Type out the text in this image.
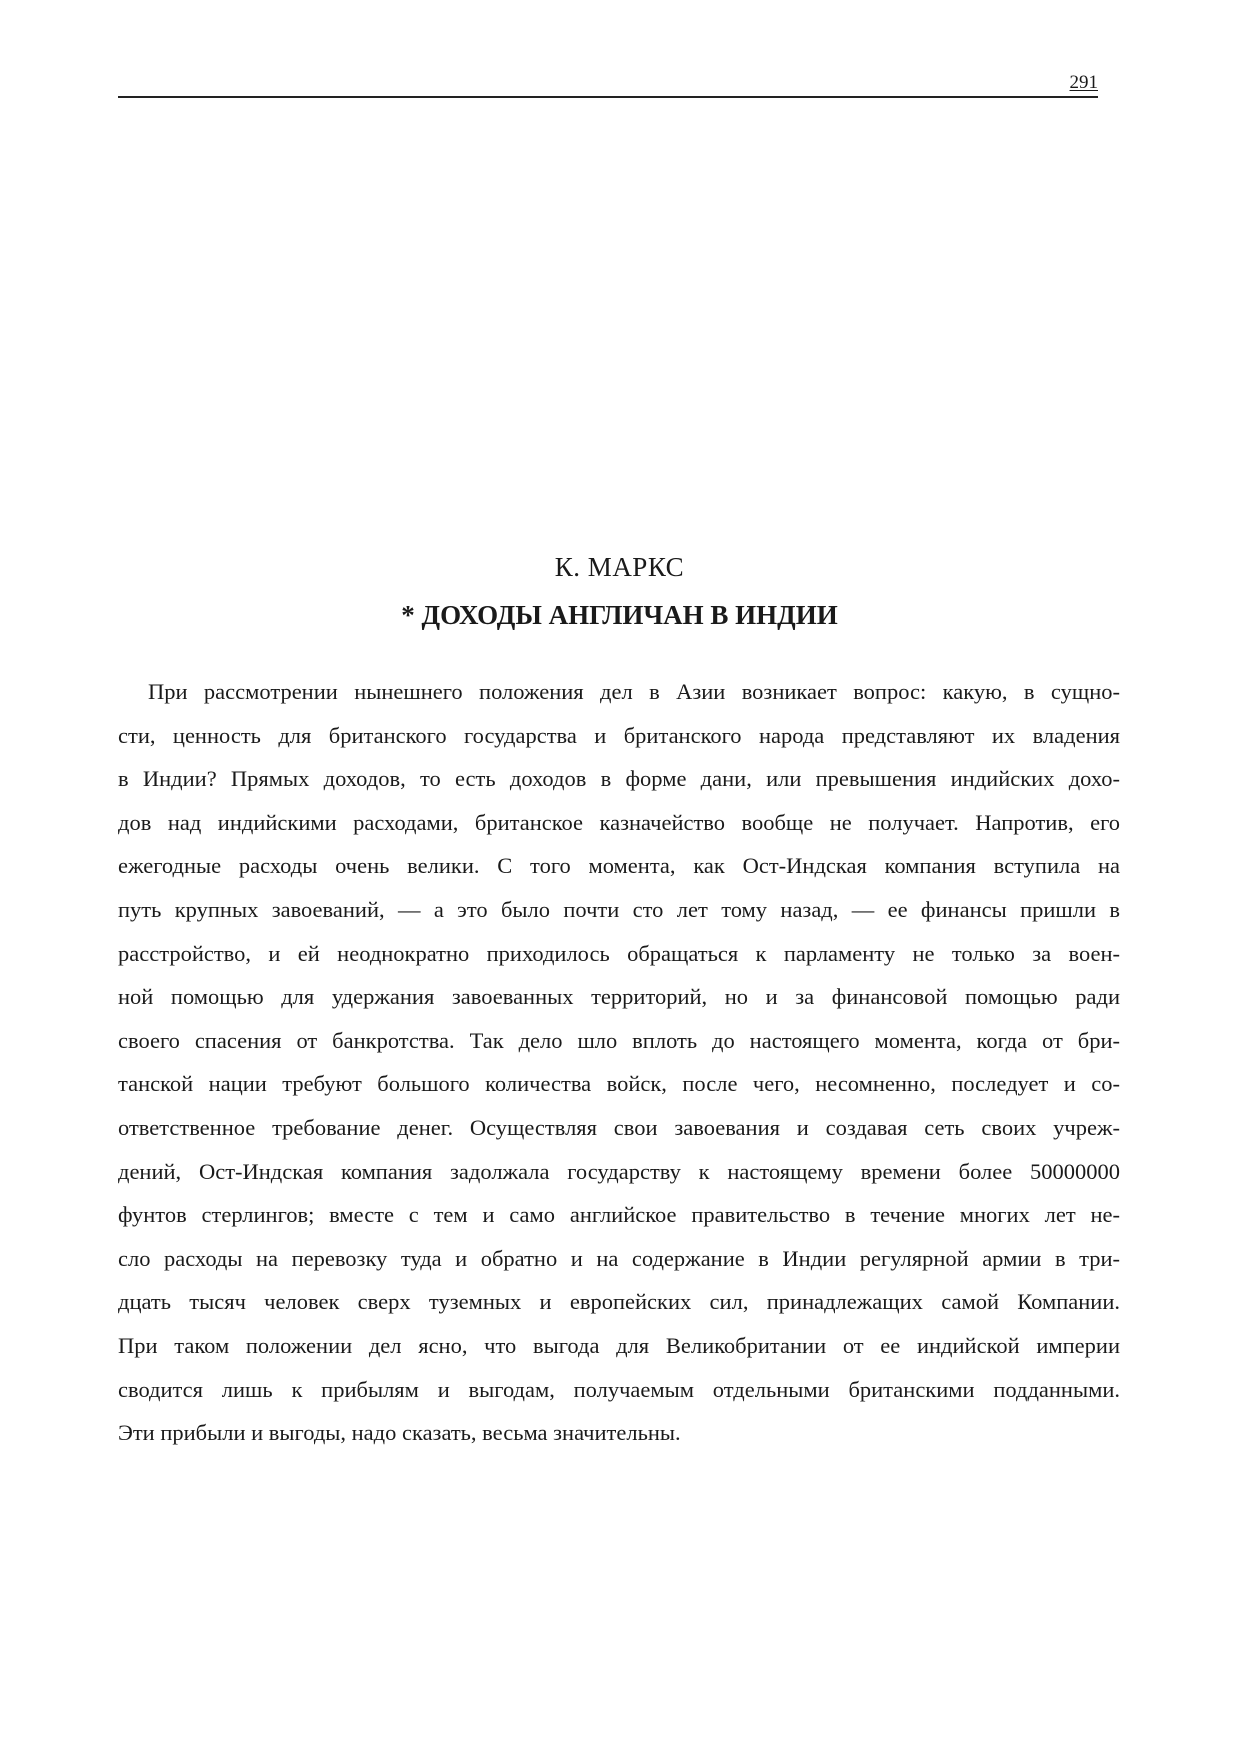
291
К. МАРКС
* ДОХОДЫ АНГЛИЧАН В ИНДИИ
При рассмотрении нынешнего положения дел в Азии возникает вопрос: какую, в сущно-
сти, ценность для британского государства и британского народа представляют их владения
в Индии? Прямых доходов, то есть доходов в форме дани, или превышения индийских дохо-
дов над индийскими расходами, британское казначейство вообще не получает. Напротив, его
ежегодные расходы очень велики. С того момента, как Ост-Индская компания вступила на
путь крупных завоеваний, — а это было почти сто лет тому назад, — ее финансы пришли в
расстройство, и ей неоднократно приходилось обращаться к парламенту не только за воен-
ной помощью для удержания завоеванных территорий, но и за финансовой помощью ради
своего спасения от банкротства. Так дело шло вплоть до настоящего момента, когда от бри-
танской нации требуют большого количества войск, после чего, несомненно, последует и со-
ответственное требование денег. Осуществляя свои завоевания и создавая сеть своих учреж-
дений, Ост-Индская компания задолжала государству к настоящему времени более 50000000
фунтов стерлингов; вместе с тем и само английское правительство в течение многих лет не-
сло расходы на перевозку туда и обратно и на содержание в Индии регулярной армии в три-
дцать тысяч человек сверх туземных и европейских сил, принадлежащих самой Компании.
При таком положении дел ясно, что выгода для Великобритании от ее индийской империи
сводится лишь к прибылям и выгодам, получаемым отдельными британскими подданными.
Эти прибыли и выгоды, надо сказать, весьма значительны.
